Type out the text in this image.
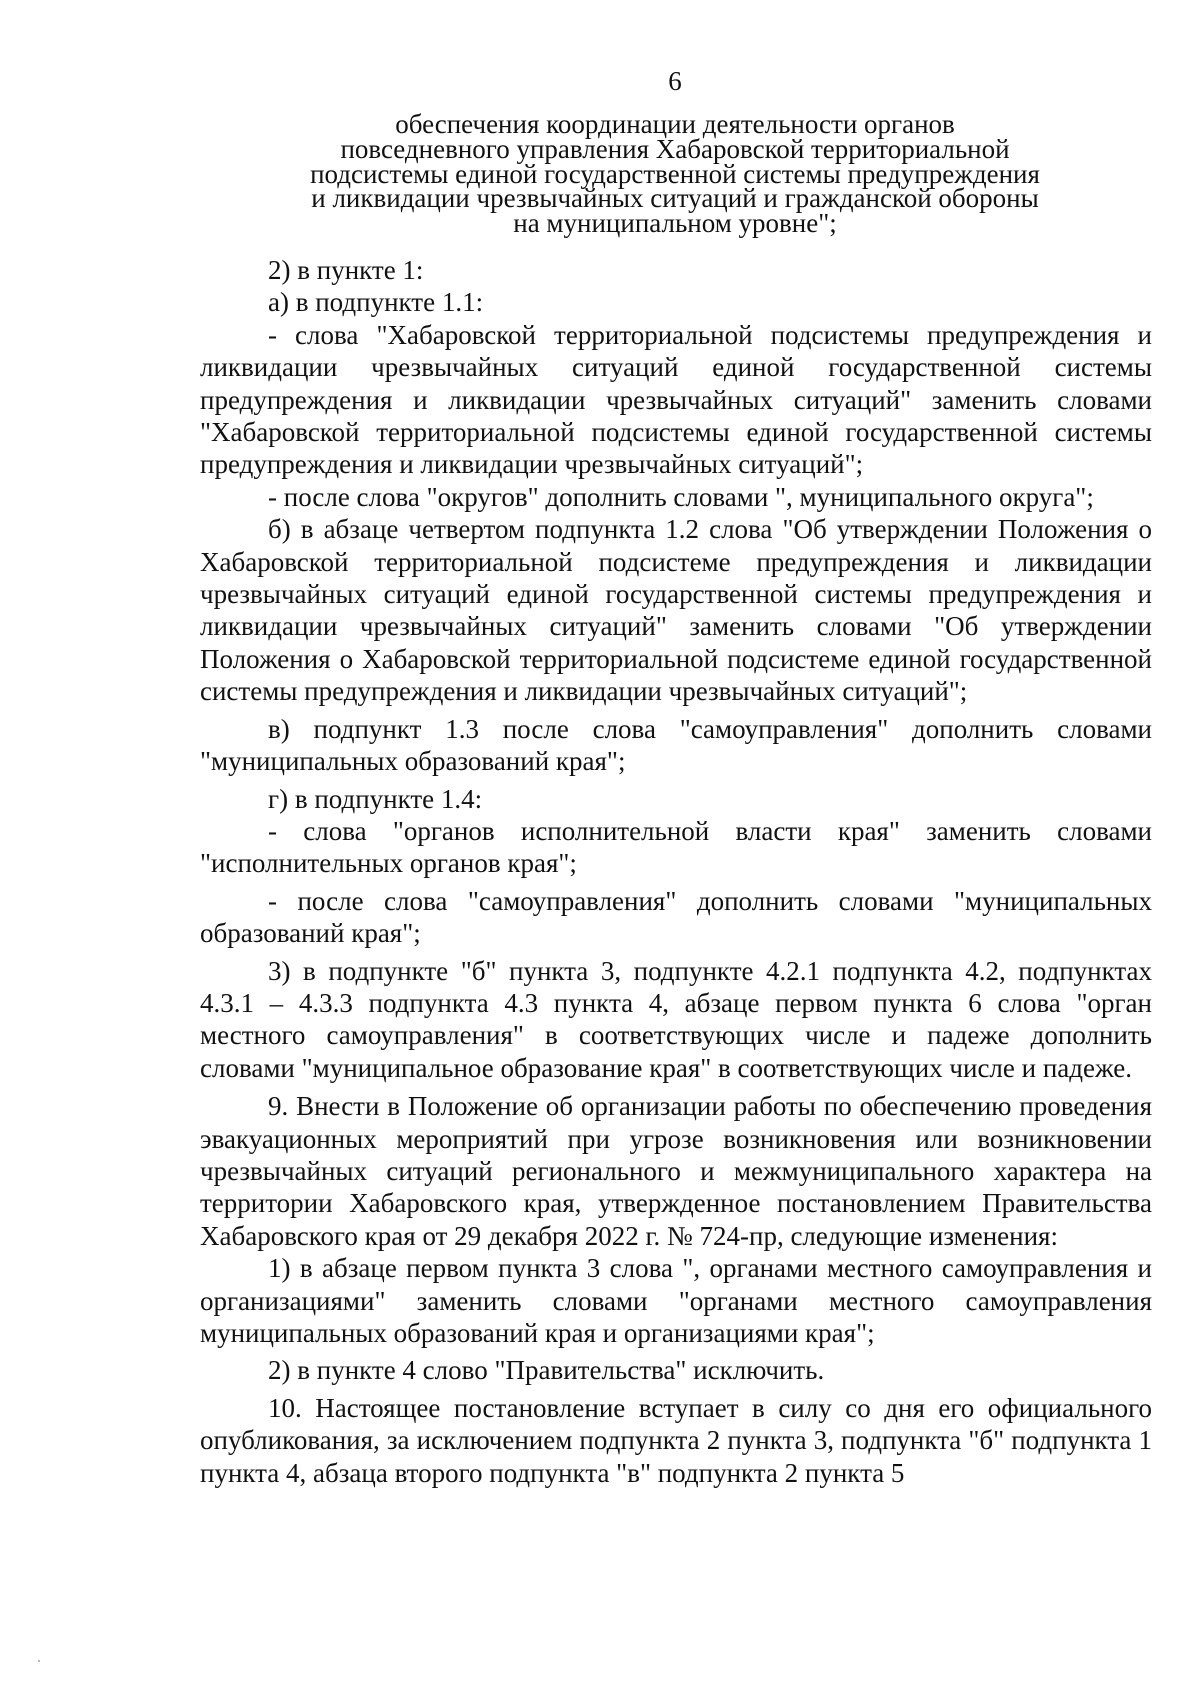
6
обеспечения координации деятельности органов
повседневного управления Хабаровской территориальной
подсистемы единой государственной системы предупреждения
и ликвидации чрезвычайных ситуаций и гражданской обороны
на муниципальном уровне";

2) в пункте 1:

а) в подпункте 1.1:

- слова "Хабаровской территориальной подсистемы предупреждения и ликвидации чрезвычайных ситуаций единой государственной системы предупреждения и ликвидации чрезвычайных ситуаций" заменить словами "Хабаровской территориальной подсистемы единой государственной системы предупреждения и ликвидации чрезвычайных ситуаций";

- после слова "округов" дополнить словами ", муниципального округа";

б) в абзаце четвертом подпункта 1.2 слова "Об утверждении Положения о Хабаровской территориальной подсистеме предупреждения и ликвидации чрезвычайных ситуаций единой государственной системы предупреждения и ликвидации чрезвычайных ситуаций" заменить словами "Об утверждении Положения о Хабаровской территориальной подсистеме единой государственной системы предупреждения и ликвидации чрезвычайных ситуаций";

в) подпункт 1.3 после слова "самоуправления" дополнить словами "муниципальных образований края";

г) в подпункте 1.4:

- слова "органов исполнительной власти края" заменить словами "исполнительных органов края";

- после слова "самоуправления" дополнить словами "муниципальных образований края";

3) в подпункте "б" пункта 3, подпункте 4.2.1 подпункта 4.2, подпунктах 4.3.1 – 4.3.3 подпункта 4.3 пункта 4, абзаце первом пункта 6 слова "орган местного самоуправления" в соответствующих числе и падеже дополнить словами "муниципальное образование края" в соответствующих числе и падеже.

9. Внести в Положение об организации работы по обеспечению проведения эвакуационных мероприятий при угрозе возникновения или возникновении чрезвычайных ситуаций регионального и межмуниципального характера на территории Хабаровского края, утвержденное постановлением Правительства Хабаровского края от 29 декабря 2022 г. № 724-пр, следующие изменения:

1) в абзаце первом пункта 3 слова ", органами местного самоуправления и организациями" заменить словами "органами местного самоуправления муниципальных образований края и организациями края";

2) в пункте 4 слово "Правительства" исключить.

10. Настоящее постановление вступает в силу со дня его официального опубликования, за исключением подпункта 2 пункта 3, подпункта "б" подпункта 1 пункта 4, абзаца второго подпункта "в" подпункта 2 пункта 5
